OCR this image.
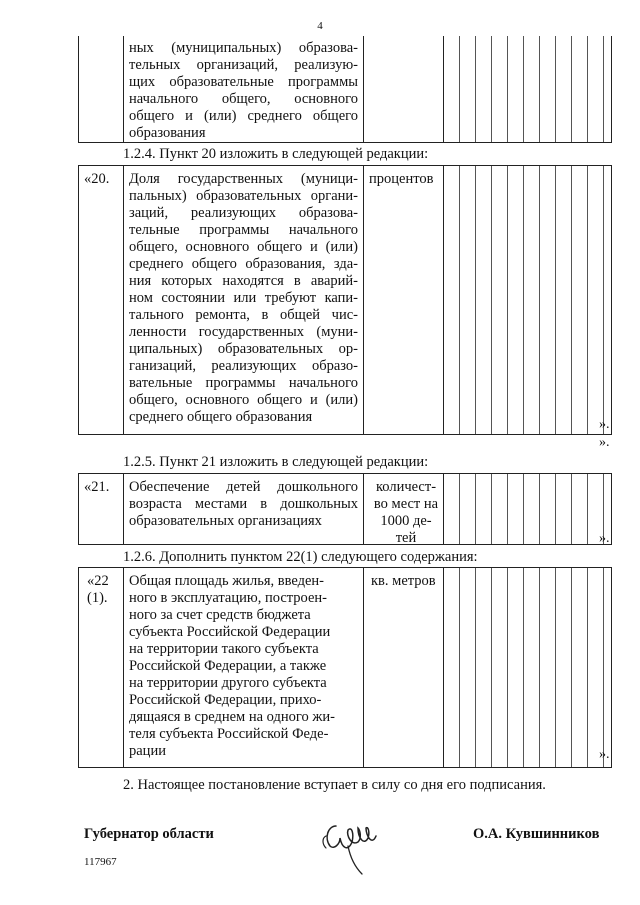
4
ных (муниципальных) образова-
тельных организаций, реализую-
щих образовательные программы
начального общего, основного
общего и (или) среднего общего
образования
1.2.4. Пункт 20 изложить в следующей редакции:
«20. Доля государственных (муници-
пальных) образовательных органи-
заций, реализующих образова-
тельные программы начального
общего, основного общего и (или)
среднего общего образования, зда-
ния которых находятся в аварий-
ном состоянии или требуют капи-
тального ремонта, в общей чис-
ленности государственных (муни-
ципальных) образовательных ор-
ганизаций, реализующих образо-
вательные программы начального
общего, основного общего и (или)
среднего общего образования
процентов
».
».
1.2.5. Пункт 21 изложить в следующей редакции:
«21. Обеспечение детей дошкольного
возраста местами в дошкольных
образовательных организациях
количест-
во мест на
1000 де-
тей	».
1.2.6. Дополнить пунктом 22(1) следующего содержания:
«22
(1).
Общая площадь жилья, введен-
ного в эксплуатацию, построен-
ного за счет средств бюджета
субъекта Российской Федерации
на территории такого субъекта
Российской Федерации, а также
на территории другого субъекта
Российской Федерации, прихо-
дящаяся в среднем на одного жи-
теля субъекта Российской Феде-
рации
кв. метров
».
2. Настоящее постановление вступает в силу со дня его подписания.
Губернатор области	О.А. Кувшинников
117967
